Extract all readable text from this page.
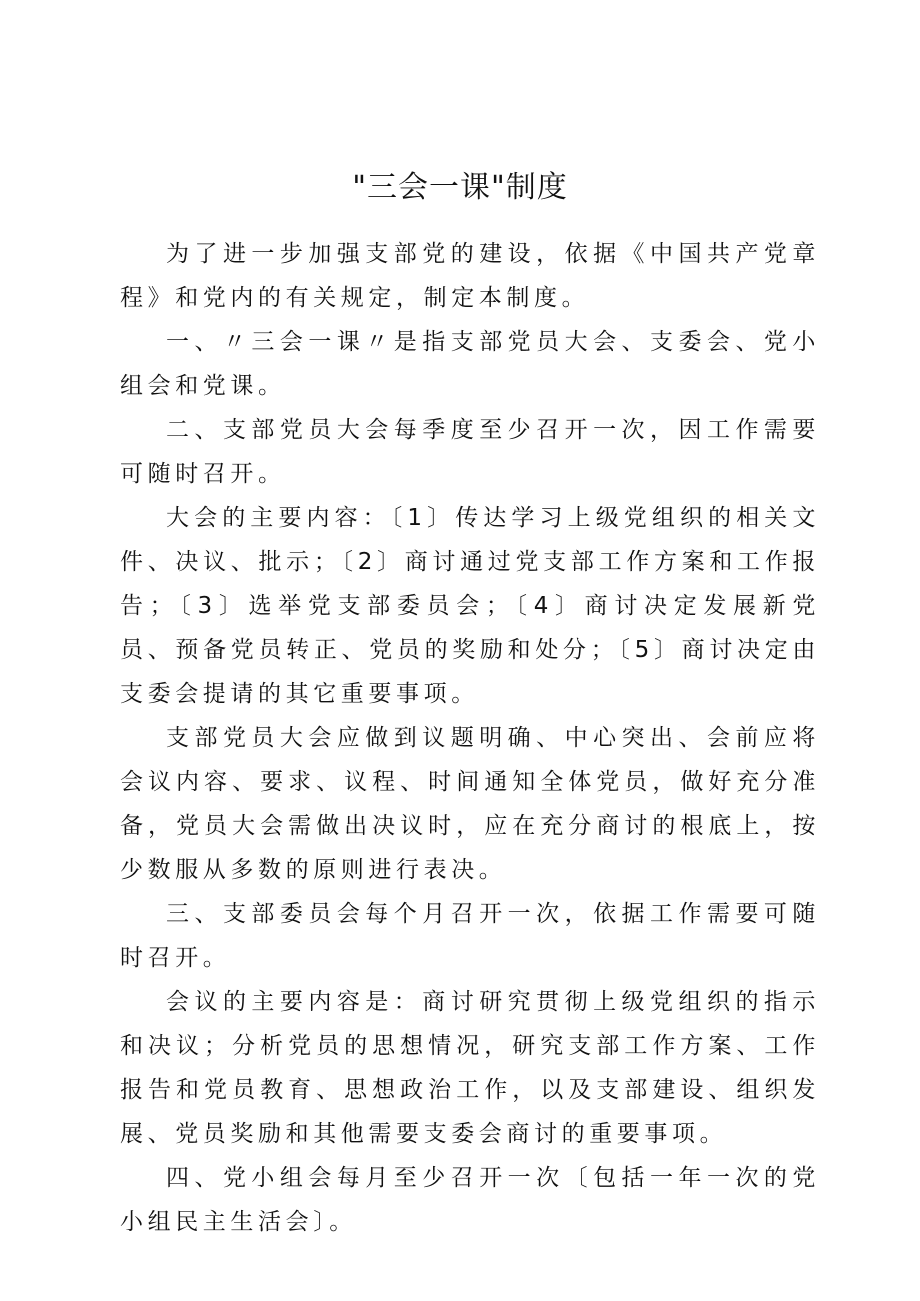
"三会一课"制度

为了进一步加强支部党的建设，依据《中国共产党章程》和党内的有关规定，制定本制度。

一、〃三会一课〃是指支部党员大会、支委会、党小组会和党课。

二、支部党员大会每季度至少召开一次，因工作需要可随时召开。

大会的主要内容：〔1〕传达学习上级党组织的相关文件、决议、批示；〔2〕商讨通过党支部工作方案和工作报告；〔3〕选举党支部委员会；〔4〕商讨决定发展新党员、预备党员转正、党员的奖励和处分；〔5〕商讨决定由支委会提请的其它重要事项。

支部党员大会应做到议题明确、中心突出、会前应将会议内容、要求、议程、时间通知全体党员，做好充分准备，党员大会需做出决议时，应在充分商讨的根底上，按少数服从多数的原则进行表决。

三、支部委员会每个月召开一次，依据工作需要可随时召开。

会议的主要内容是：商讨研究贯彻上级党组织的指示和决议；分析党员的思想情况，研究支部工作方案、工作报告和党员教育、思想政治工作，以及支部建设、组织发展、党员奖励和其他需要支委会商讨的重要事项。

四、党小组会每月至少召开一次〔包括一年一次的党小组民主生活会〕。
